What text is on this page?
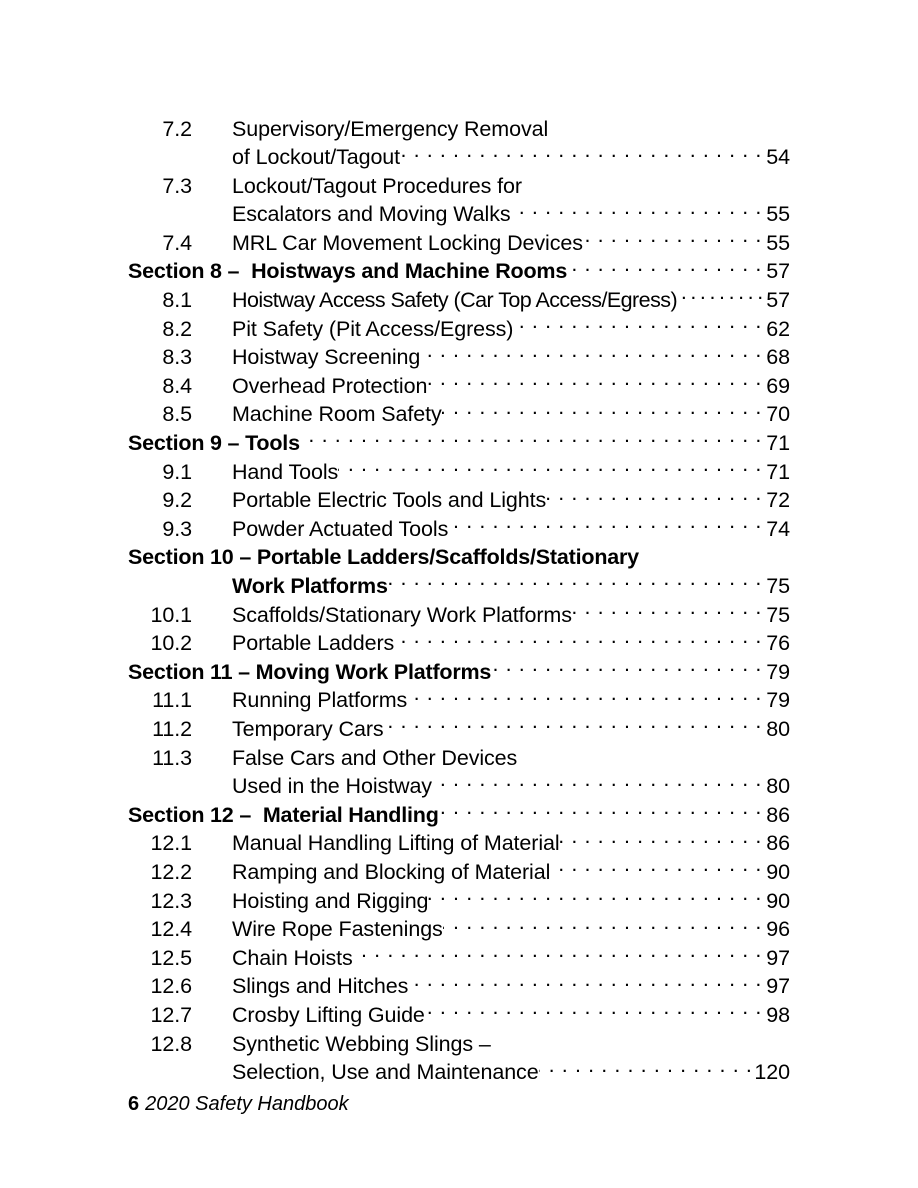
7.2	Supervisory/Emergency Removal
of Lockout/Tagout . . .	54
7.3	Lockout/Tagout Procedures for
Escalators and Moving Walks . . .	55
7.4	MRL Car Movement Locking Devices . . .	55
Section 8 – Hoistways and Machine Rooms . . .	57
8.1	Hoistway Access Safety (Car Top Access/Egress) . . .	57
8.2	Pit Safety (Pit Access/Egress) . . .	62
8.3	Hoistway Screening . . .	68
8.4	Overhead Protection . . .	69
8.5	Machine Room Safety . . .	70
Section 9 – Tools . . .	71
9.1	Hand Tools . . .	71
9.2	Portable Electric Tools and Lights . . .	72
9.3	Powder Actuated Tools . . .	74
Section 10 – Portable Ladders/Scaffolds/Stationary
Work Platforms . . .	75
10.1	Scaffolds/Stationary Work Platforms . . .	75
10.2	Portable Ladders . . .	76
Section 11 – Moving Work Platforms . . .	79
11.1	Running Platforms . . .	79
11.2	Temporary Cars . . .	80
11.3	False Cars and Other Devices
Used in the Hoistway . . .	80
Section 12 – Material Handling . . .	86
12.1	Manual Handling Lifting of Material . . .	86
12.2	Ramping and Blocking of Material . . .	90
12.3	Hoisting and Rigging . . .	90
12.4	Wire Rope Fastenings . . .	96
12.5	Chain Hoists . . .	97
12.6	Slings and Hitches . . .	97
12.7	Crosby Lifting Guide . . .	98
12.8	Synthetic Webbing Slings –
Selection, Use and Maintenance . . .	120
6 2020 Safety Handbook
